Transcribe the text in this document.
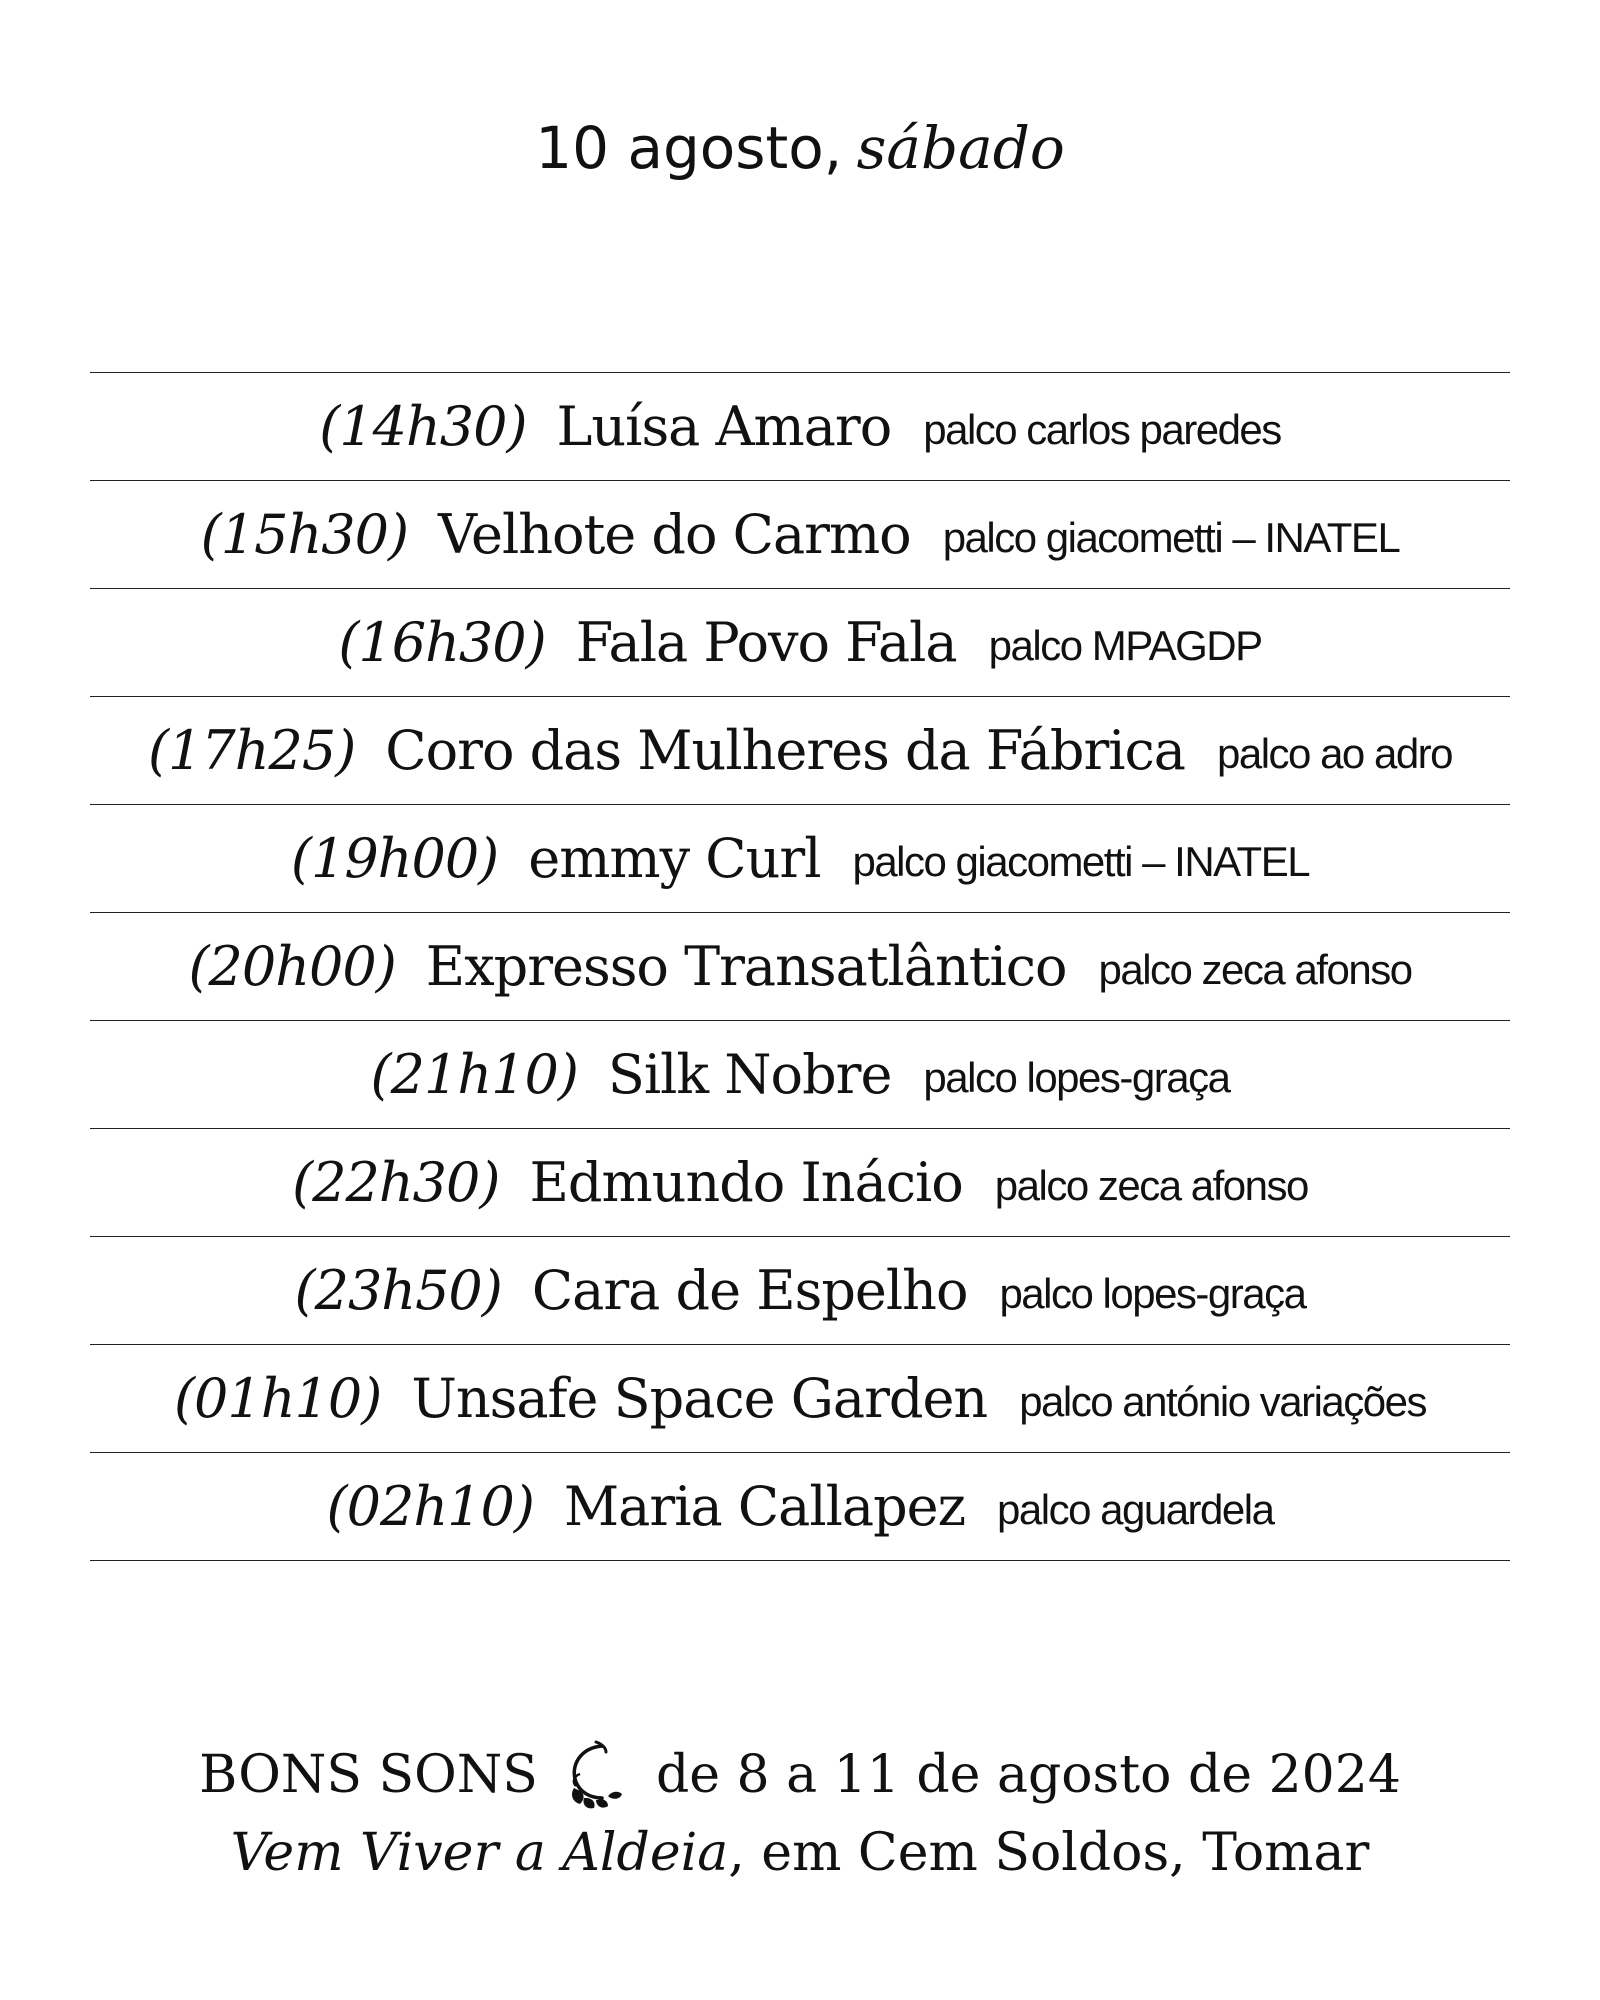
10 agosto, sábado
(14h30) Luísa Amaro palco carlos paredes
(15h30) Velhote do Carmo palco giacometti – INATEL
(16h30) Fala Povo Fala palco MPAGDP
(17h25) Coro das Mulheres da Fábrica palco ao adro
(19h00) emmy Curl palco giacometti – INATEL
(20h00) Expresso Transatlântico palco zeca afonso
(21h10) Silk Nobre palco lopes-graça
(22h30) Edmundo Inácio palco zeca afonso
(23h50) Cara de Espelho palco lopes-graça
(01h10) Unsafe Space Garden palco antónio variações
(02h10) Maria Callapez palco aguardela
BONS SONS de 8 a 11 de agosto de 2024
Vem Viver a Aldeia , em Cem Soldos, Tomar
